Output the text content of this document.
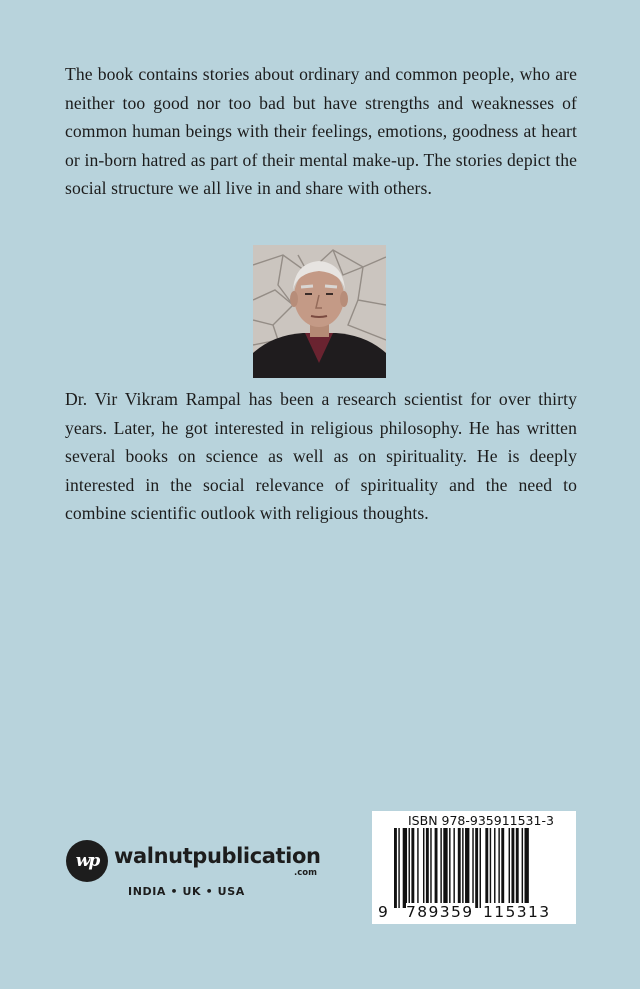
The book contains stories about ordinary and common people, who are neither too good nor too bad but have strengths and weaknesses of common human beings with their feelings, emotions, goodness at heart or in-born hatred as part of their mental make-up. The stories depict the social structure we all live in and share with others.

Dr. Vir Vikram Rampal has been a research scientist for over thirty years. Later, he got interested in religious philosophy. He has written several books on science as well as on spirituality. He is deeply interested in the social relevance of spirituality and the need to combine scientific outlook with religious thoughts.

wp walnutpublication
.com
INDIA • UK • USA
ISBN 978-935911531-3
9 789359 115313
